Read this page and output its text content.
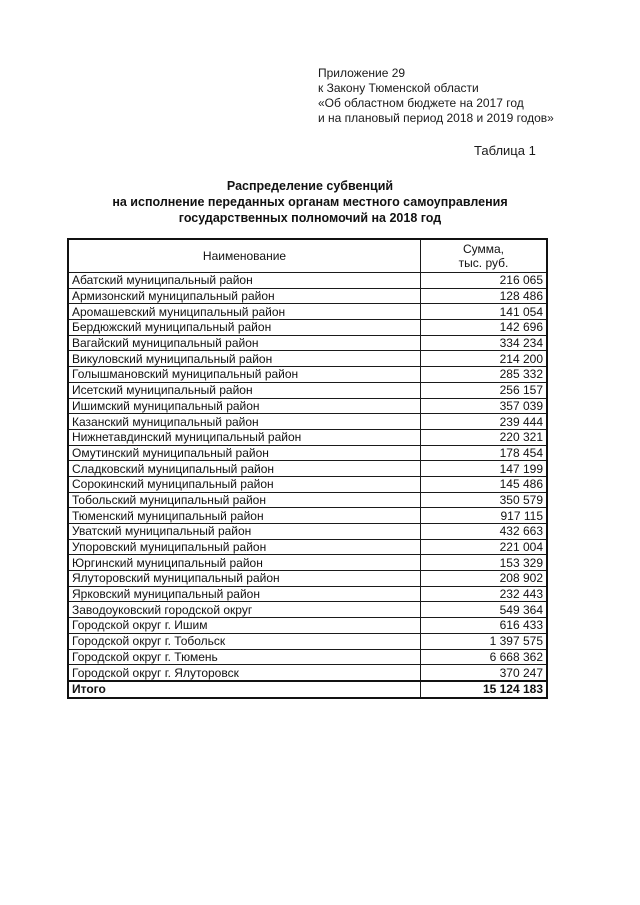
Приложение 29
к Закону Тюменской области
«Об областном бюджете на 2017 год
и на плановый период 2018 и 2019 годов»
Таблица 1
Распределение субвенций
на исполнение переданных органам местного самоуправления
государственных полномочий на 2018 год
Наименование	Сумма,
тыс. руб.

Абатский муниципальный район	216 065
Армизонский муниципальный район	128 486
Аромашевский муниципальный район	141 054
Бердюжский муниципальный район	142 696
Вагайский муниципальный район	334 234
Викуловский муниципальный район	214 200
Голышмановский муниципальный район	285 332
Исетский муниципальный район	256 157
Ишимский муниципальный район	357 039
Казанский муниципальный район	239 444
Нижнетавдинский муниципальный район	220 321
Омутинский муниципальный район	178 454
Сладковский муниципальный район	147 199
Сорокинский муниципальный район	145 486
Тобольский муниципальный район	350 579
Тюменский муниципальный район	917 115
Уватский муниципальный район	432 663
Упоровский муниципальный район	221 004
Юргинский муниципальный район	153 329
Ялуторовский муниципальный район	208 902
Ярковский муниципальный район	232 443
Заводоуковский городской округ	549 364
Городской округ г. Ишим	616 433
Городской округ г. Тобольск	1 397 575
Городской округ г. Тюмень	6 668 362
Городской округ г. Ялуторовск	370 247
Итого	15 124 183
